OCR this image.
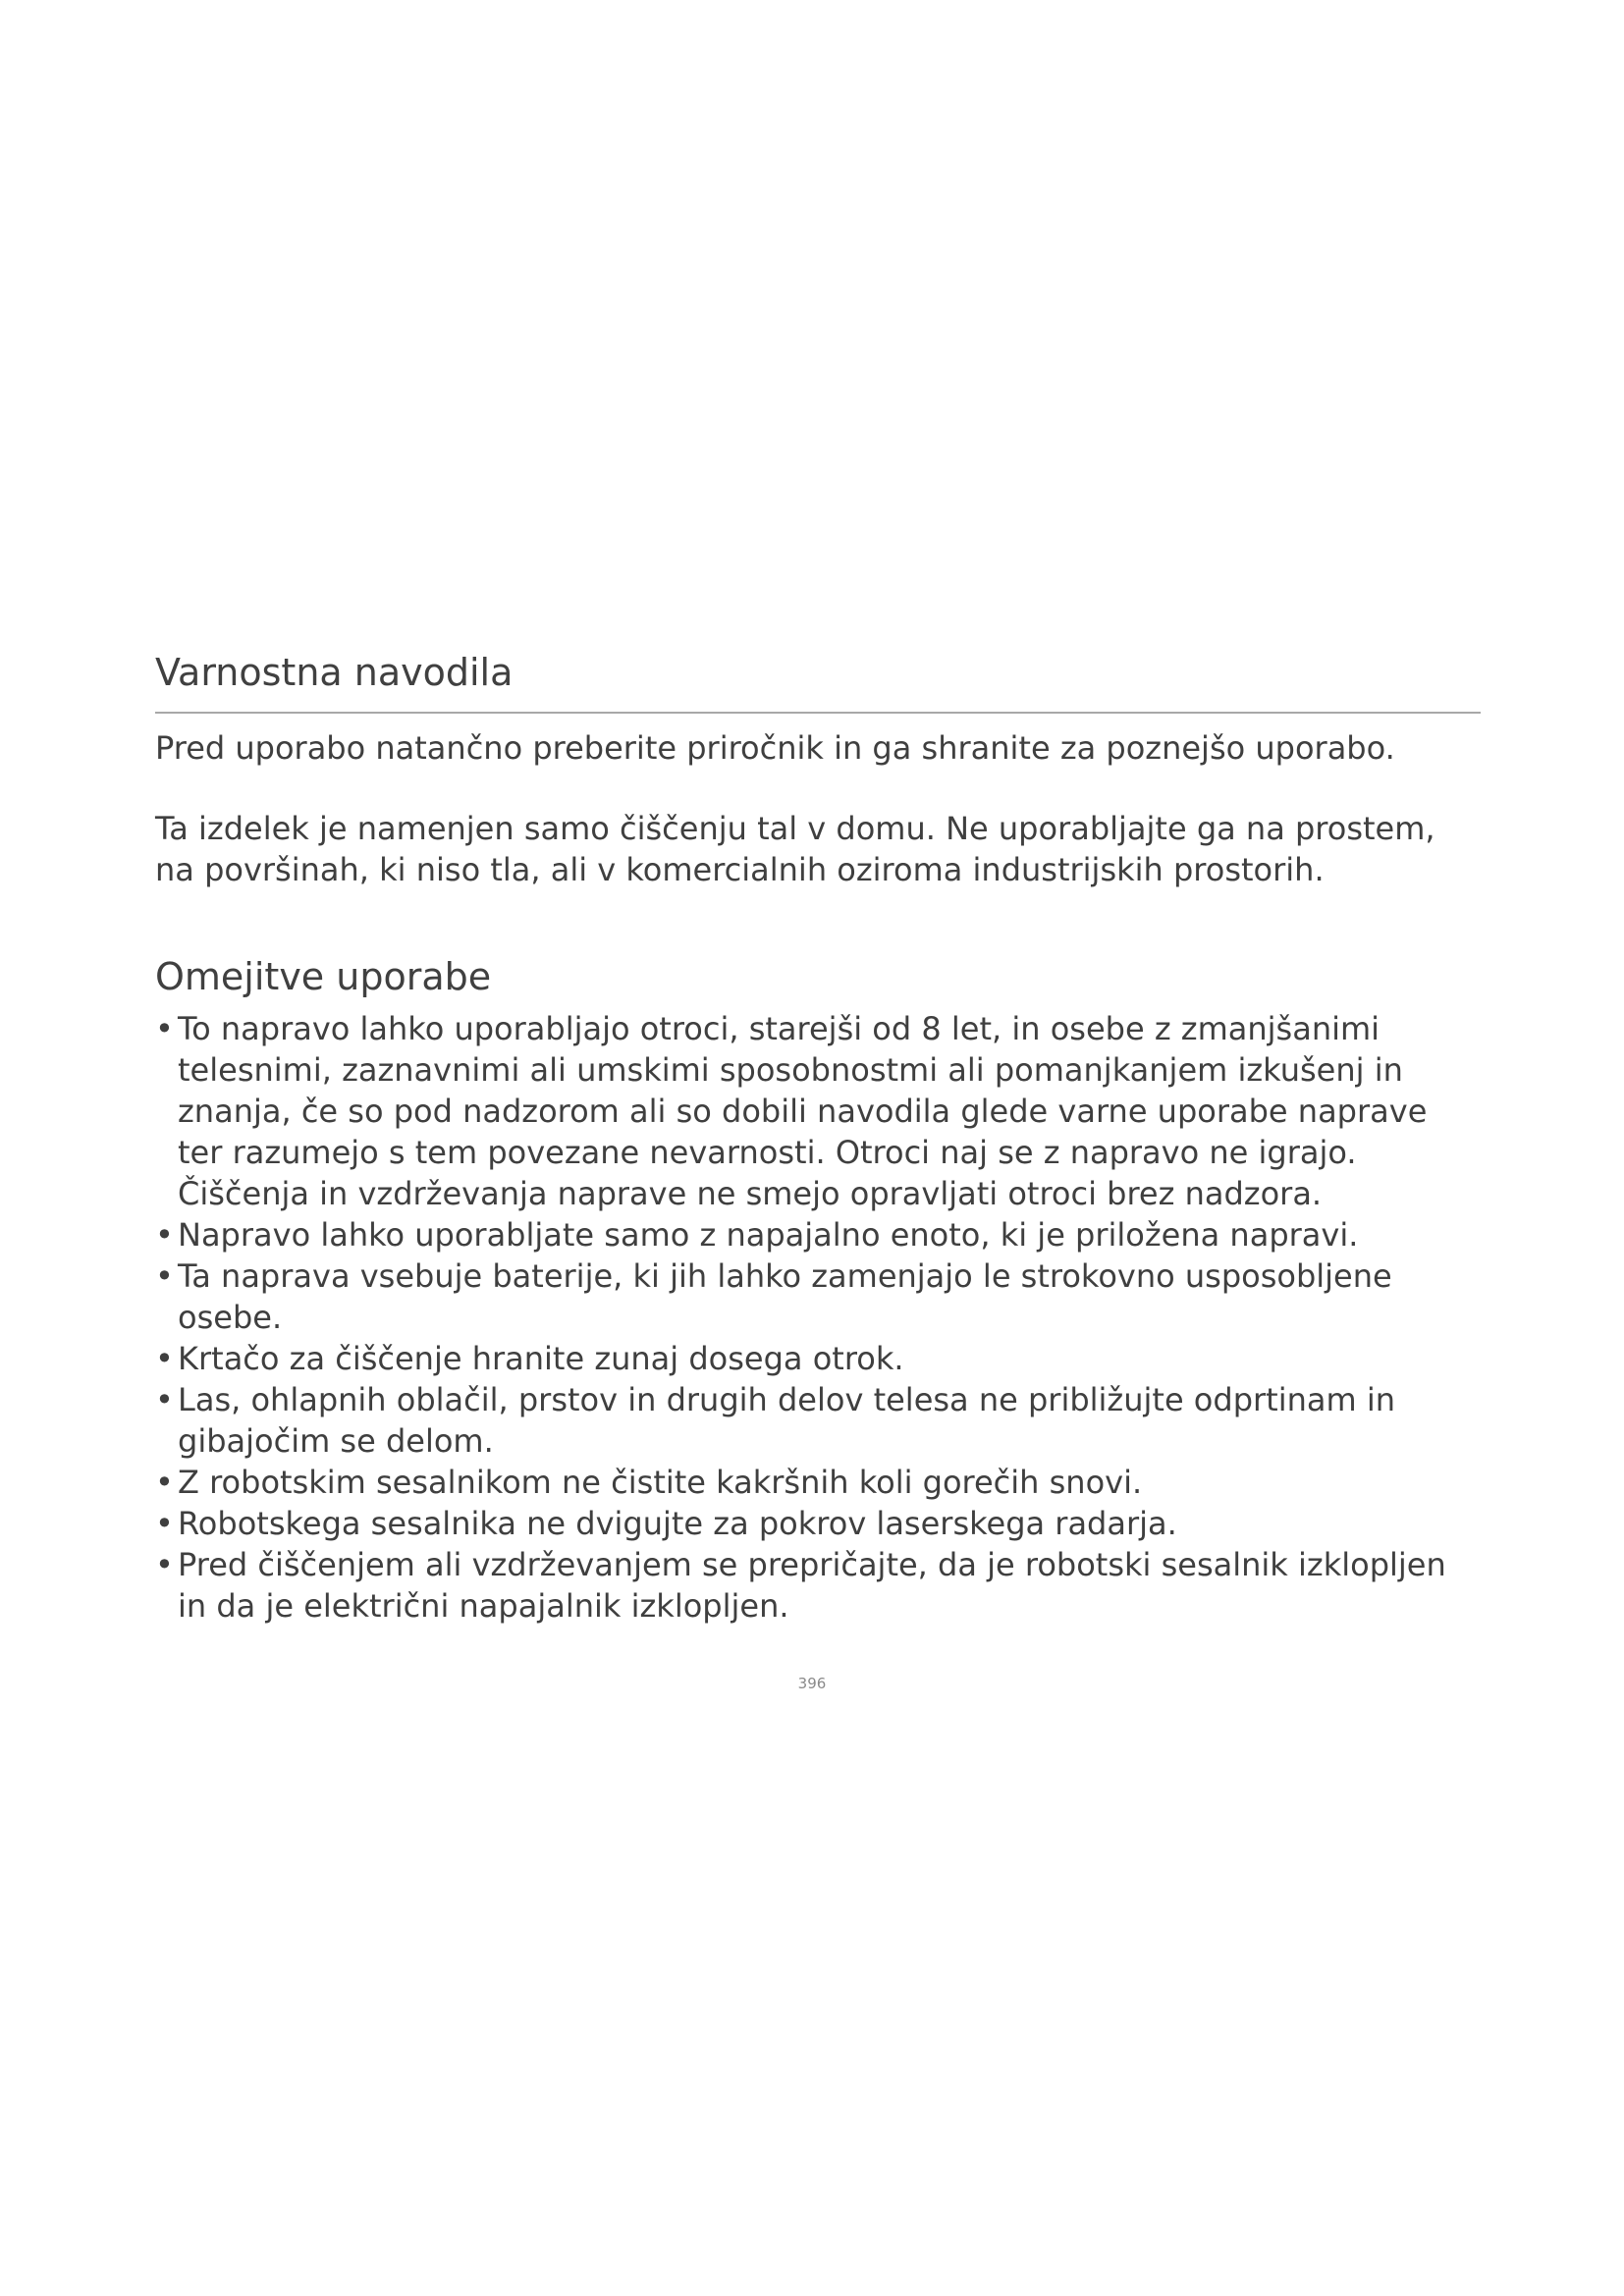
Varnostna navodila

Pred uporabo natančno preberite priročnik in ga shranite za poznejšo uporabo.

Ta izdelek je namenjen samo čiščenju tal v domu. Ne uporabljajte ga na prostem, na površinah, ki niso tla, ali v komercialnih oziroma industrijskih prostorih.

Omejitve uporabe
• To napravo lahko uporabljajo otroci, starejši od 8 let, in osebe z zmanjšanimi telesnimi, zaznavnimi ali umskimi sposobnostmi ali pomanjkanjem izkušenj in znanja, če so pod nadzorom ali so dobili navodila glede varne uporabe naprave ter razumejo s tem povezane nevarnosti. Otroci naj se z napravo ne igrajo. Čiščenja in vzdrževanja naprave ne smejo opravljati otroci brez nadzora.
• Napravo lahko uporabljate samo z napajalno enoto, ki je priložena napravi.
• Ta naprava vsebuje baterije, ki jih lahko zamenjajo le strokovno usposobljene osebe.
• Krtačo za čiščenje hranite zunaj dosega otrok.
• Las, ohlapnih oblačil, prstov in drugih delov telesa ne približujte odprtinam in gibajočim se delom.
• Z robotskim sesalnikom ne čistite kakršnih koli gorečih snovi.
• Robotskega sesalnika ne dvigujte za pokrov laserskega radarja.
• Pred čiščenjem ali vzdrževanjem se prepričajte, da je robotski sesalnik izklopljen in da je električni napajalnik izklopljen.
396
